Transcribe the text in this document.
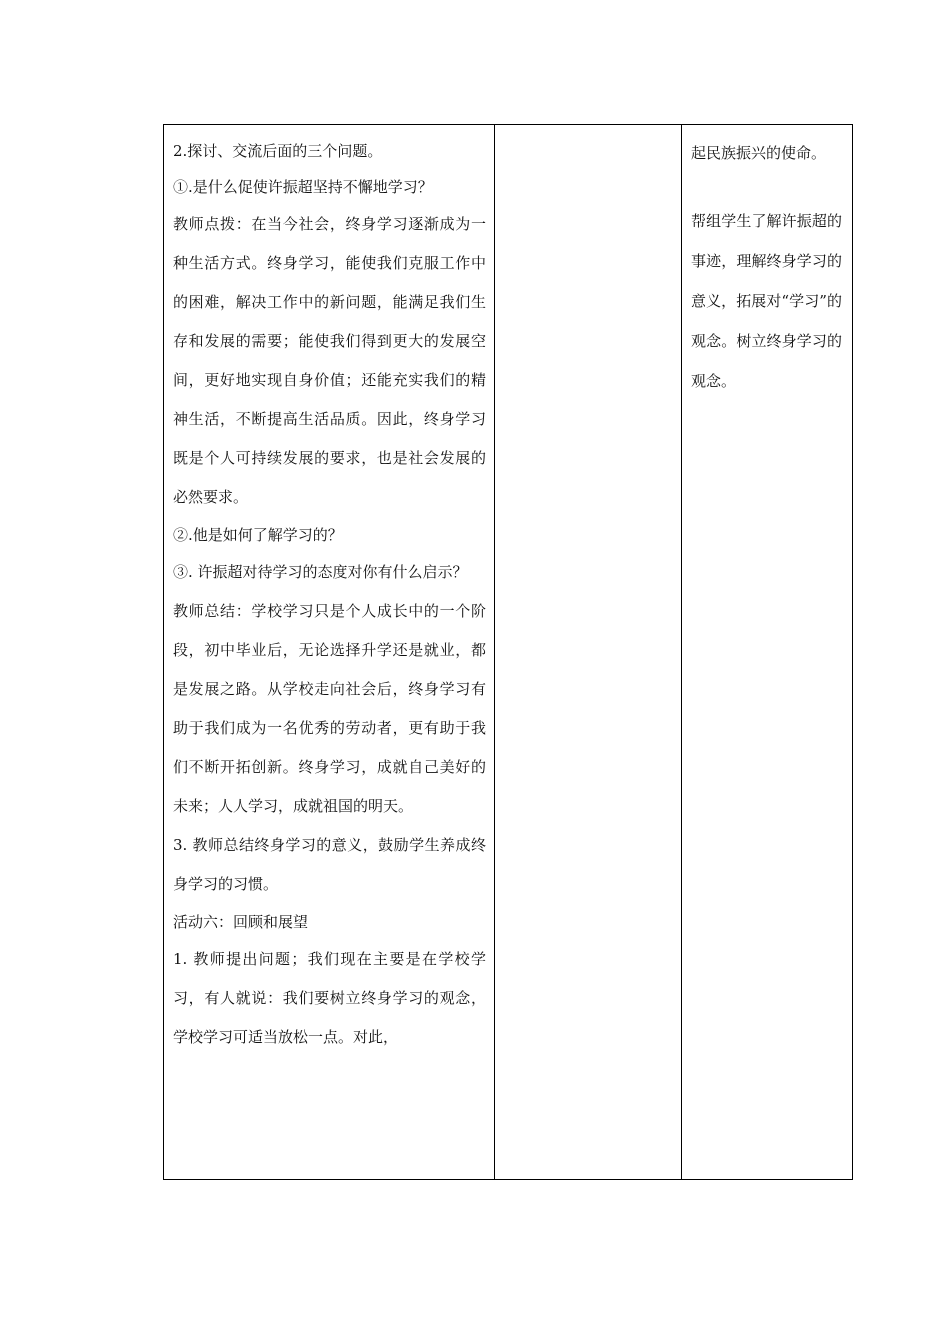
2.探讨、交流后面的三个问题。

①.是什么促使许振超坚持不懈地学习？

教师点拨：在当今社会，终身学习逐渐成为一种生活方式。终身学习，能使我们克服工作中的困难，解决工作中的新问题，能满足我们生存和发展的需要；能使我们得到更大的发展空间，更好地实现自身价值；还能充实我们的精神生活，不断提高生活品质。因此，终身学习既是个人可持续发展的要求，也是社会发展的必然要求。

②.他是如何了解学习的？

③. 许振超对待学习的态度对你有什么启示？

教师总结：学校学习只是个人成长中的一个阶段，初中毕业后，无论选择升学还是就业，都是发展之路。从学校走向社会后，终身学习有助于我们成为一名优秀的劳动者，更有助于我们不断开拓创新。终身学习，成就自己美好的未来；人人学习，成就祖国的明天。

3. 教师总结终身学习的意义，鼓励学生养成终身学习的习惯。

活动六：回顾和展望

1. 教师提出问题；我们现在主要是在学校学习，有人就说：我们要树立终身学习的观念，学校学习可适当放松一点。对此，

起民族振兴的使命。

帮组学生了解许振超的事迹，理解终身学习的意义，拓展对“学习”的观念。树立终身学习的观念。
